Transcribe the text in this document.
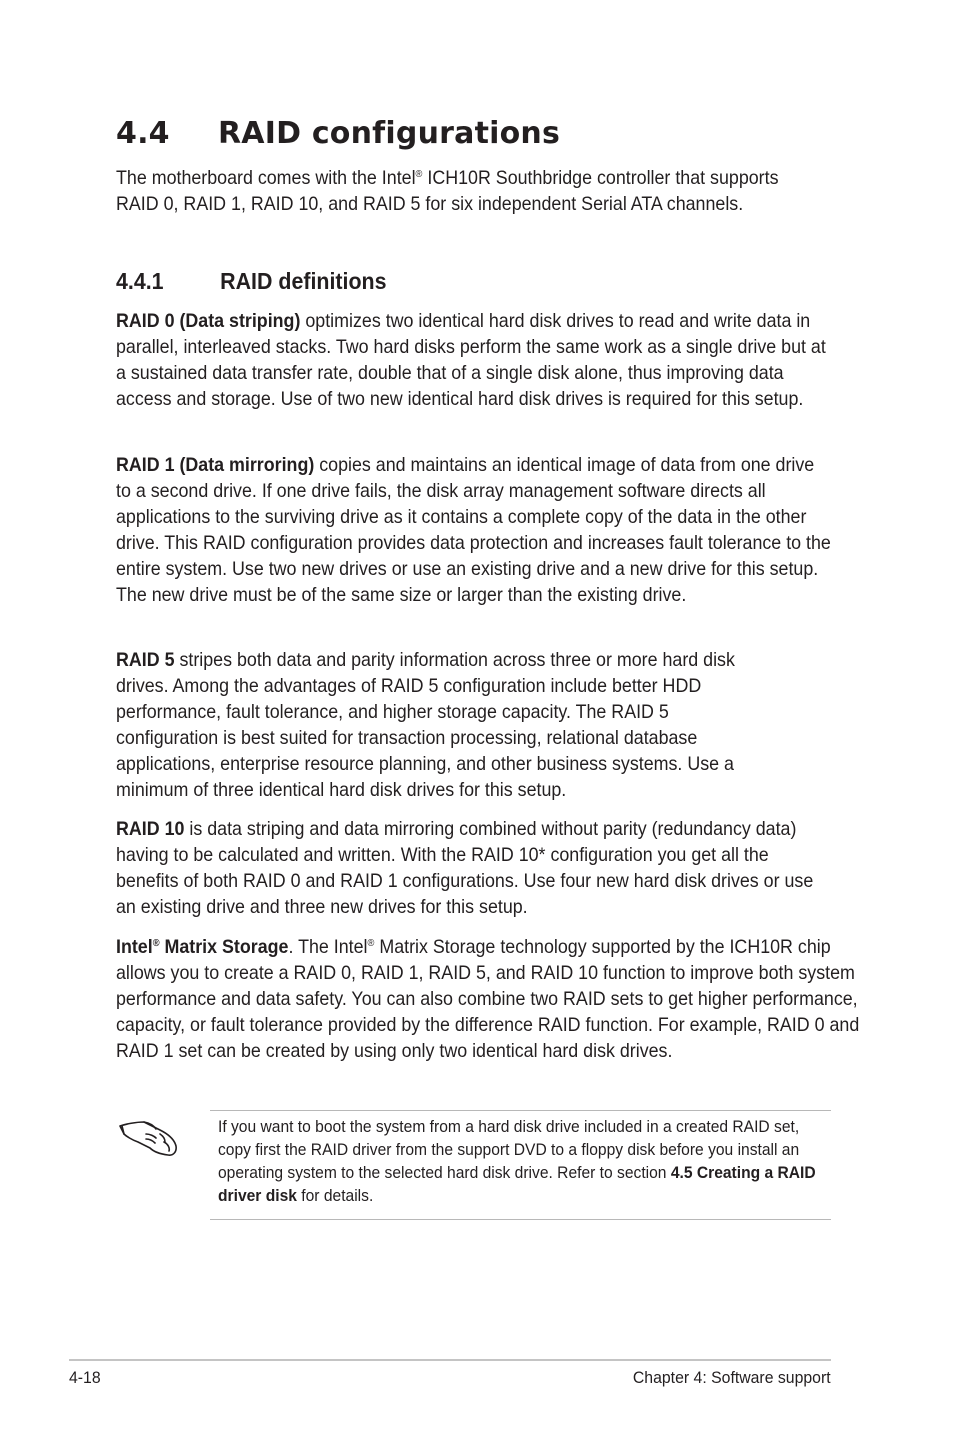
4.4 RAID configurations

The motherboard comes with the Intel® ICH10R Southbridge controller that supports RAID 0, RAID 1, RAID 10, and RAID 5 for six independent Serial ATA channels.

4.4.1 RAID definitions

RAID 0 (Data striping) optimizes two identical hard disk drives to read and write data in parallel, interleaved stacks. Two hard disks perform the same work as a single drive but at a sustained data transfer rate, double that of a single disk alone, thus improving data access and storage. Use of two new identical hard disk drives is required for this setup.

RAID 1 (Data mirroring) copies and maintains an identical image of data from one drive to a second drive. If one drive fails, the disk array management software directs all applications to the surviving drive as it contains a complete copy of the data in the other drive. This RAID configuration provides data protection and increases fault tolerance to the entire system. Use two new drives or use an existing drive and a new drive for this setup. The new drive must be of the same size or larger than the existing drive.

RAID 5 stripes both data and parity information across three or more hard disk drives. Among the advantages of RAID 5 configuration include better HDD performance, fault tolerance, and higher storage capacity. The RAID 5 configuration is best suited for transaction processing, relational database applications, enterprise resource planning, and other business systems. Use a minimum of three identical hard disk drives for this setup.

RAID 10 is data striping and data mirroring combined without parity (redundancy data) having to be calculated and written. With the RAID 10* configuration you get all the benefits of both RAID 0 and RAID 1 configurations. Use four new hard disk drives or use an existing drive and three new drives for this setup.

Intel® Matrix Storage. The Intel® Matrix Storage technology supported by the ICH10R chip allows you to create a RAID 0, RAID 1, RAID 5, and RAID 10 function to improve both system performance and data safety. You can also combine two RAID sets to get higher performance, capacity, or fault tolerance provided by the difference RAID function. For example, RAID 0 and RAID 1 set can be created by using only two identical hard disk drives.

If you want to boot the system from a hard disk drive included in a created RAID set, copy first the RAID driver from the support DVD to a floppy disk before you install an operating system to the selected hard disk drive. Refer to section 4.5 Creating a RAID driver disk for details.

4-18	Chapter 4: Software support
